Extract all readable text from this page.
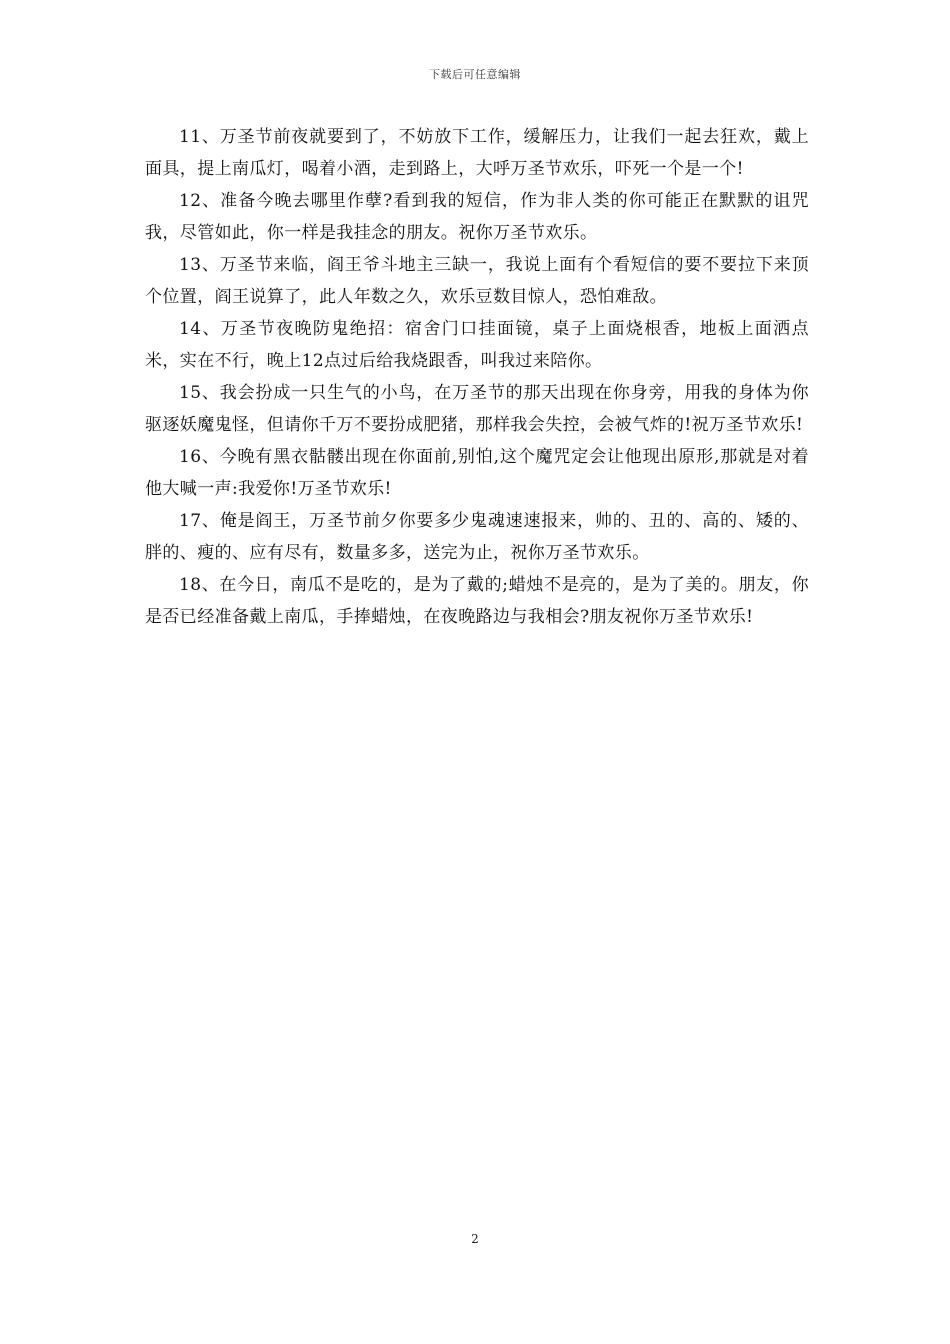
下载后可任意编辑

11、万圣节前夜就要到了，不妨放下工作，缓解压力，让我们一起去狂欢，戴上面具，提上南瓜灯，喝着小酒，走到路上，大呼万圣节欢乐，吓死一个是一个!

12、准备今晚去哪里作孽?看到我的短信，作为非人类的你可能正在默默的诅咒我，尽管如此，你一样是我挂念的朋友。祝你万圣节欢乐。

13、万圣节来临，阎王爷斗地主三缺一，我说上面有个看短信的要不要拉下来顶个位置，阎王说算了，此人年数之久，欢乐豆数目惊人，恐怕难敌。

14、万圣节夜晚防鬼绝招：宿舍门口挂面镜，桌子上面烧根香，地板上面洒点米，实在不行，晚上12点过后给我烧跟香，叫我过来陪你。

15、我会扮成一只生气的小鸟，在万圣节的那天出现在你身旁，用我的身体为你驱逐妖魔鬼怪，但请你千万不要扮成肥猪，那样我会失控，会被气炸的!祝万圣节欢乐!

16、今晚有黑衣骷髅出现在你面前,别怕,这个魔咒定会让他现出原形,那就是对着他大喊一声:我爱你!万圣节欢乐!

17、俺是阎王，万圣节前夕你要多少鬼魂速速报来，帅的、丑的、高的、矮的、胖的、瘦的、应有尽有，数量多多，送完为止，祝你万圣节欢乐。

18、在今日，南瓜不是吃的，是为了戴的;蜡烛不是亮的，是为了美的。朋友，你是否已经准备戴上南瓜，手捧蜡烛，在夜晚路边与我相会?朋友祝你万圣节欢乐!

2
